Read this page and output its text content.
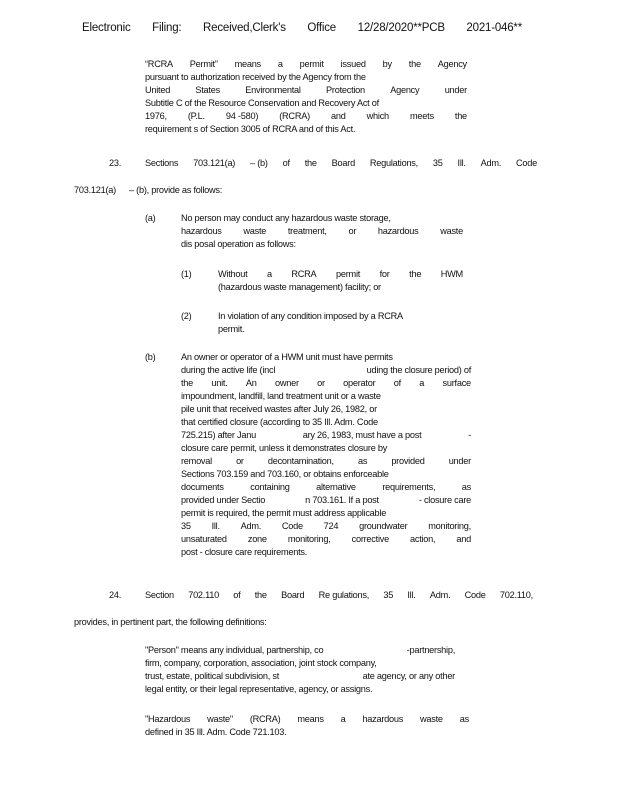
Electronic Filing: Received,Clerk's Office 12/28/2020**PCB 2021-046**
“RCRA Permit” means a permit issued by the Agency
pursuant to authorization received by the Agency from the
United	States	Environmental	Protection	Agency	under
Subtitle C of the Resource Conservation and Recovery Act of
1976, (P.L. 94 -580) (RCRA) and which meets the
requirement s of Section 3005 of RCRA and of this Act.
23.	Sections 703.121(a) – (b) of the Board Regulations, 35 Ill. Adm. Code
703.121(a) – (b), provide as follows:
(a)	No person may conduct any hazardous waste storage,
hazardous waste treatment, or hazardous waste
dis posal operation as follows:
(1)	Without a RCRA permit for the HWM
(hazardous waste management) facility; or
(2)	In violation of any condition imposed by a RCRA
permit.
(b)	An owner or operator of a HWM unit must have permits
during the active life (incl	uding the closure period) of
the unit. An owner or operator of a surface
impoundment, landfill, land treatment unit or a waste
pile unit that received wastes after July 26, 1982, or
that certified closure (according to 35 Ill. Adm. Code
725.215) after Janu	ary 26, 1983, must have a post	-
closure care permit, unless it demonstrates closure by
removal	or	decontamination,	as	provided	under
Sections 703.159 and 703.160, or obtains enforceable
documents	containing	alternative	requirements,	as
provided under Sectio	n 703.161. If a post	- closure care
permit is required, the permit must address applicable
35 Ill. Adm. Code 724 groundwater monitoring,
unsaturated zone monitoring, corrective action, and
post - closure care requirements.
24.	Section 702.110 of the Board Re gulations, 35 Ill. Adm. Code 702.110,
provides, in pertinent part, the following definitions:
"Person" means any individual, partnership, co	-partnership,
firm, company, corporation, association, joint stock company,
trust, estate, political subdivision, st	ate agency, or any other
legal entity, or their legal representative, agency, or assigns.
"Hazardous waste" (RCRA) means a hazardous waste as
defined in 35 Ill. Adm. Code 721.103.
